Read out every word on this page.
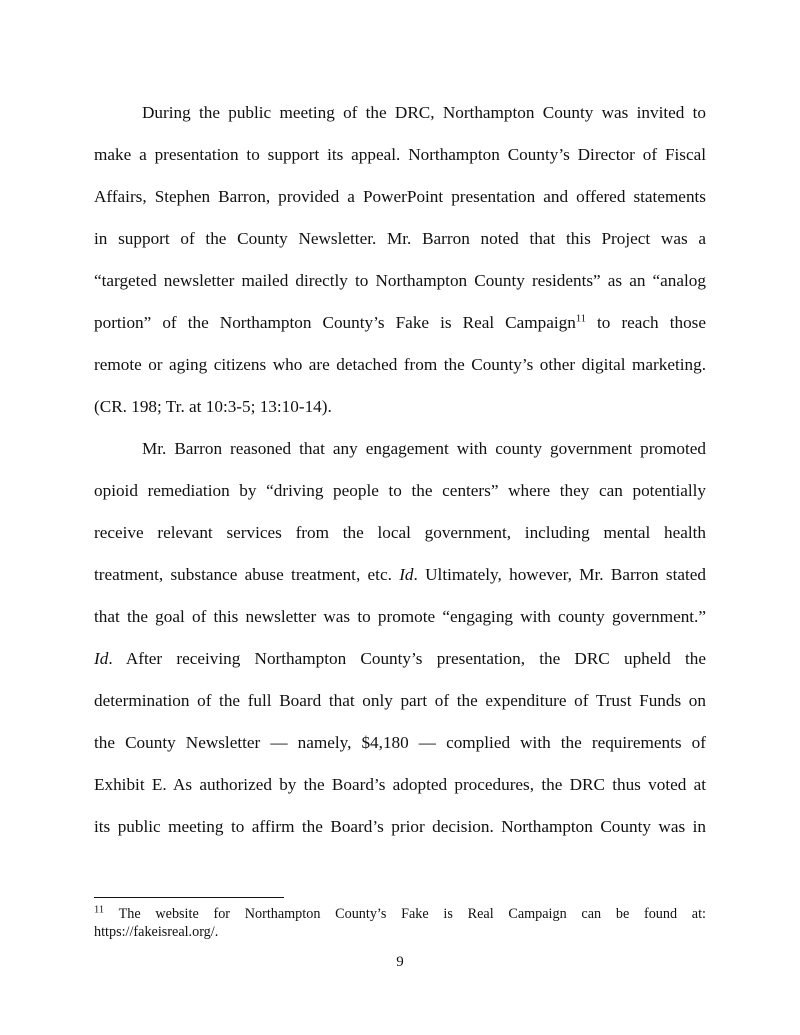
During the public meeting of the DRC, Northampton County was invited to
make a presentation to support its appeal. Northampton County’s Director of Fiscal
Affairs, Stephen Barron, provided a PowerPoint presentation and offered statements
in support of the County Newsletter. Mr. Barron noted that this Project was a
“targeted newsletter mailed directly to Northampton County residents” as an “analog
portion” of the Northampton County’s Fake is Real Campaign$^{11}$ to reach those
remote or aging citizens who are detached from the County’s other digital marketing.
(CR. 198; Tr. at 10:3-5; 13:10-14).

Mr. Barron reasoned that any engagement with county government promoted
opioid remediation by “driving people to the centers” where they can potentially
receive relevant services from the local government, including mental health
treatment, substance abuse treatment, etc. Id. Ultimately, however, Mr. Barron stated
that the goal of this newsletter was to promote “engaging with county government.”
Id. After receiving Northampton County’s presentation, the DRC upheld the
determination of the full Board that only part of the expenditure of Trust Funds on
the County Newsletter — namely, $4,180 — complied with the requirements of
Exhibit E. As authorized by the Board’s adopted procedures, the DRC thus voted at
its public meeting to affirm the Board’s prior decision. Northampton County was in

$^{11}$ The website for Northampton County’s Fake is Real Campaign can be found at:
https://fakeisreal.org/.
9
